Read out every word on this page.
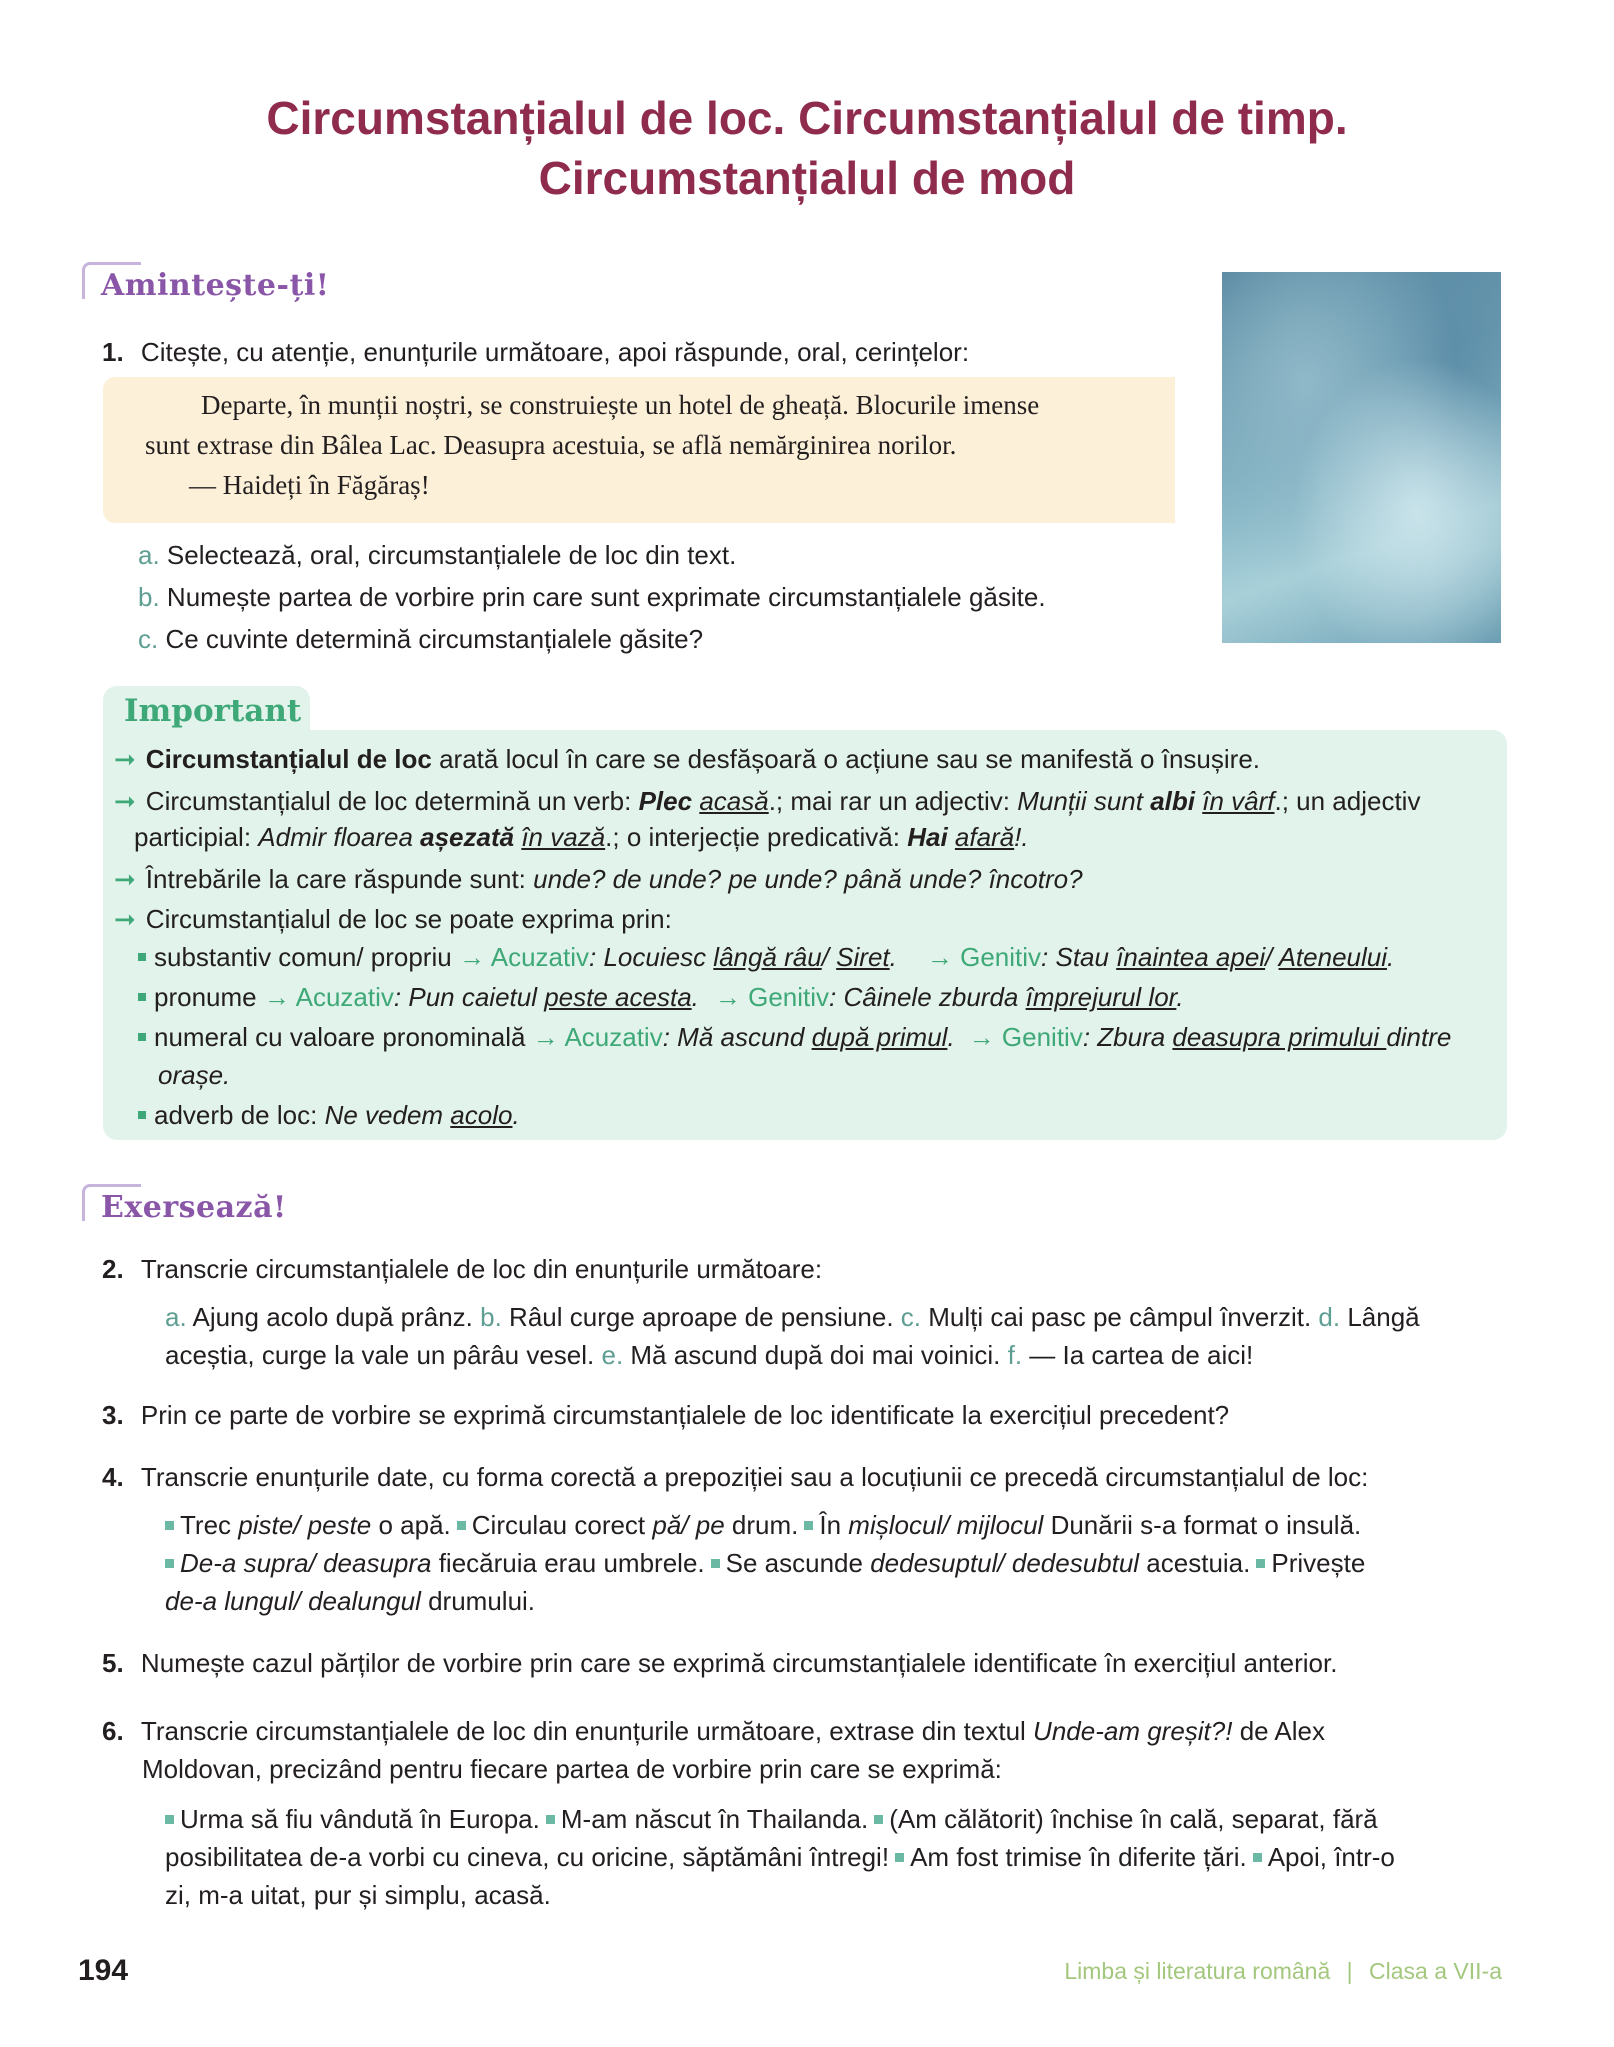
Circumstanțialul de loc. Circumstanțialul de timp.
Circumstanțialul de mod
Amintește-ți!
1. Citește, cu atenție, enunțurile următoare, apoi răspunde, oral, cerințelor:
Departe, în munții noștri, se construiește un hotel de gheață. Blocurile imense
sunt extrase din Bâlea Lac. Deasupra acestuia, se află nemărginirea norilor.
— Haideți în Făgăraș!
a. Selectează, oral, circumstanțialele de loc din text.
b. Numește partea de vorbire prin care sunt exprimate circumstanțialele găsite.
c. Ce cuvinte determină circumstanțialele găsite?
Important
➞ Circumstanțialul de loc arată locul în care se desfășoară o acțiune sau se manifestă o însușire.
➞ Circumstanțialul de loc determină un verb: Plec acasă.; mai rar un adjectiv: Munții sunt albi în vârf.; un adjectiv
participial: Admir floarea așezată în vază.; o interjecție predicativă: Hai afară!.
➞ Întrebările la care răspunde sunt: unde? de unde? pe unde? până unde? încotro?
➞ Circumstanțialul de loc se poate exprima prin:
substantiv comun/ propriu → Acuzativ: Locuiesc lângă râu/ Siret. → Genitiv: Stau înaintea apei/ Ateneului.
pronume → Acuzativ: Pun caietul peste acesta. → Genitiv: Câinele zburda împrejurul lor.
numeral cu valoare pronominală → Acuzativ: Mă ascund după primul. → Genitiv: Zbura deasupra primului dintre
orașe.
adverb de loc: Ne vedem acolo.
Exersează!
2. Transcrie circumstanțialele de loc din enunțurile următoare:
a. Ajung acolo după prânz. b. Râul curge aproape de pensiune. c. Mulți cai pasc pe câmpul înverzit. d. Lângă
aceștia, curge la vale un pârâu vesel. e. Mă ascund după doi mai voinici. f. — Ia cartea de aici!
3. Prin ce parte de vorbire se exprimă circumstanțialele de loc identificate la exercițiul precedent?
4. Transcrie enunțurile date, cu forma corectă a prepoziției sau a locuțiunii ce precedă circumstanțialul de loc:
Trec piste/ peste o apă. Circulau corect pă/ pe drum. În mișlocul/ mijlocul Dunării s-a format o insulă.
De-a supra/ deasupra fiecăruia erau umbrele. Se ascunde dedesuptul/ dedesubtul acestuia. Privește
de-a lungul/ dealungul drumului.
5. Numește cazul părților de vorbire prin care se exprimă circumstanțialele identificate în exercițiul anterior.
6. Transcrie circumstanțialele de loc din enunțurile următoare, extrase din textul Unde-am greșit?! de Alex
Moldovan, precizând pentru fiecare partea de vorbire prin care se exprimă:
Urma să fiu vândută în Europa. M-am născut în Thailanda. (Am călătorit) închise în cală, separat, fără
posibilitatea de-a vorbi cu cineva, cu oricine, săptămâni întregi! Am fost trimise în diferite țări. Apoi, într-o
zi, m-a uitat, pur și simplu, acasă.
194	Limba și literatura română | Clasa a VII-a
